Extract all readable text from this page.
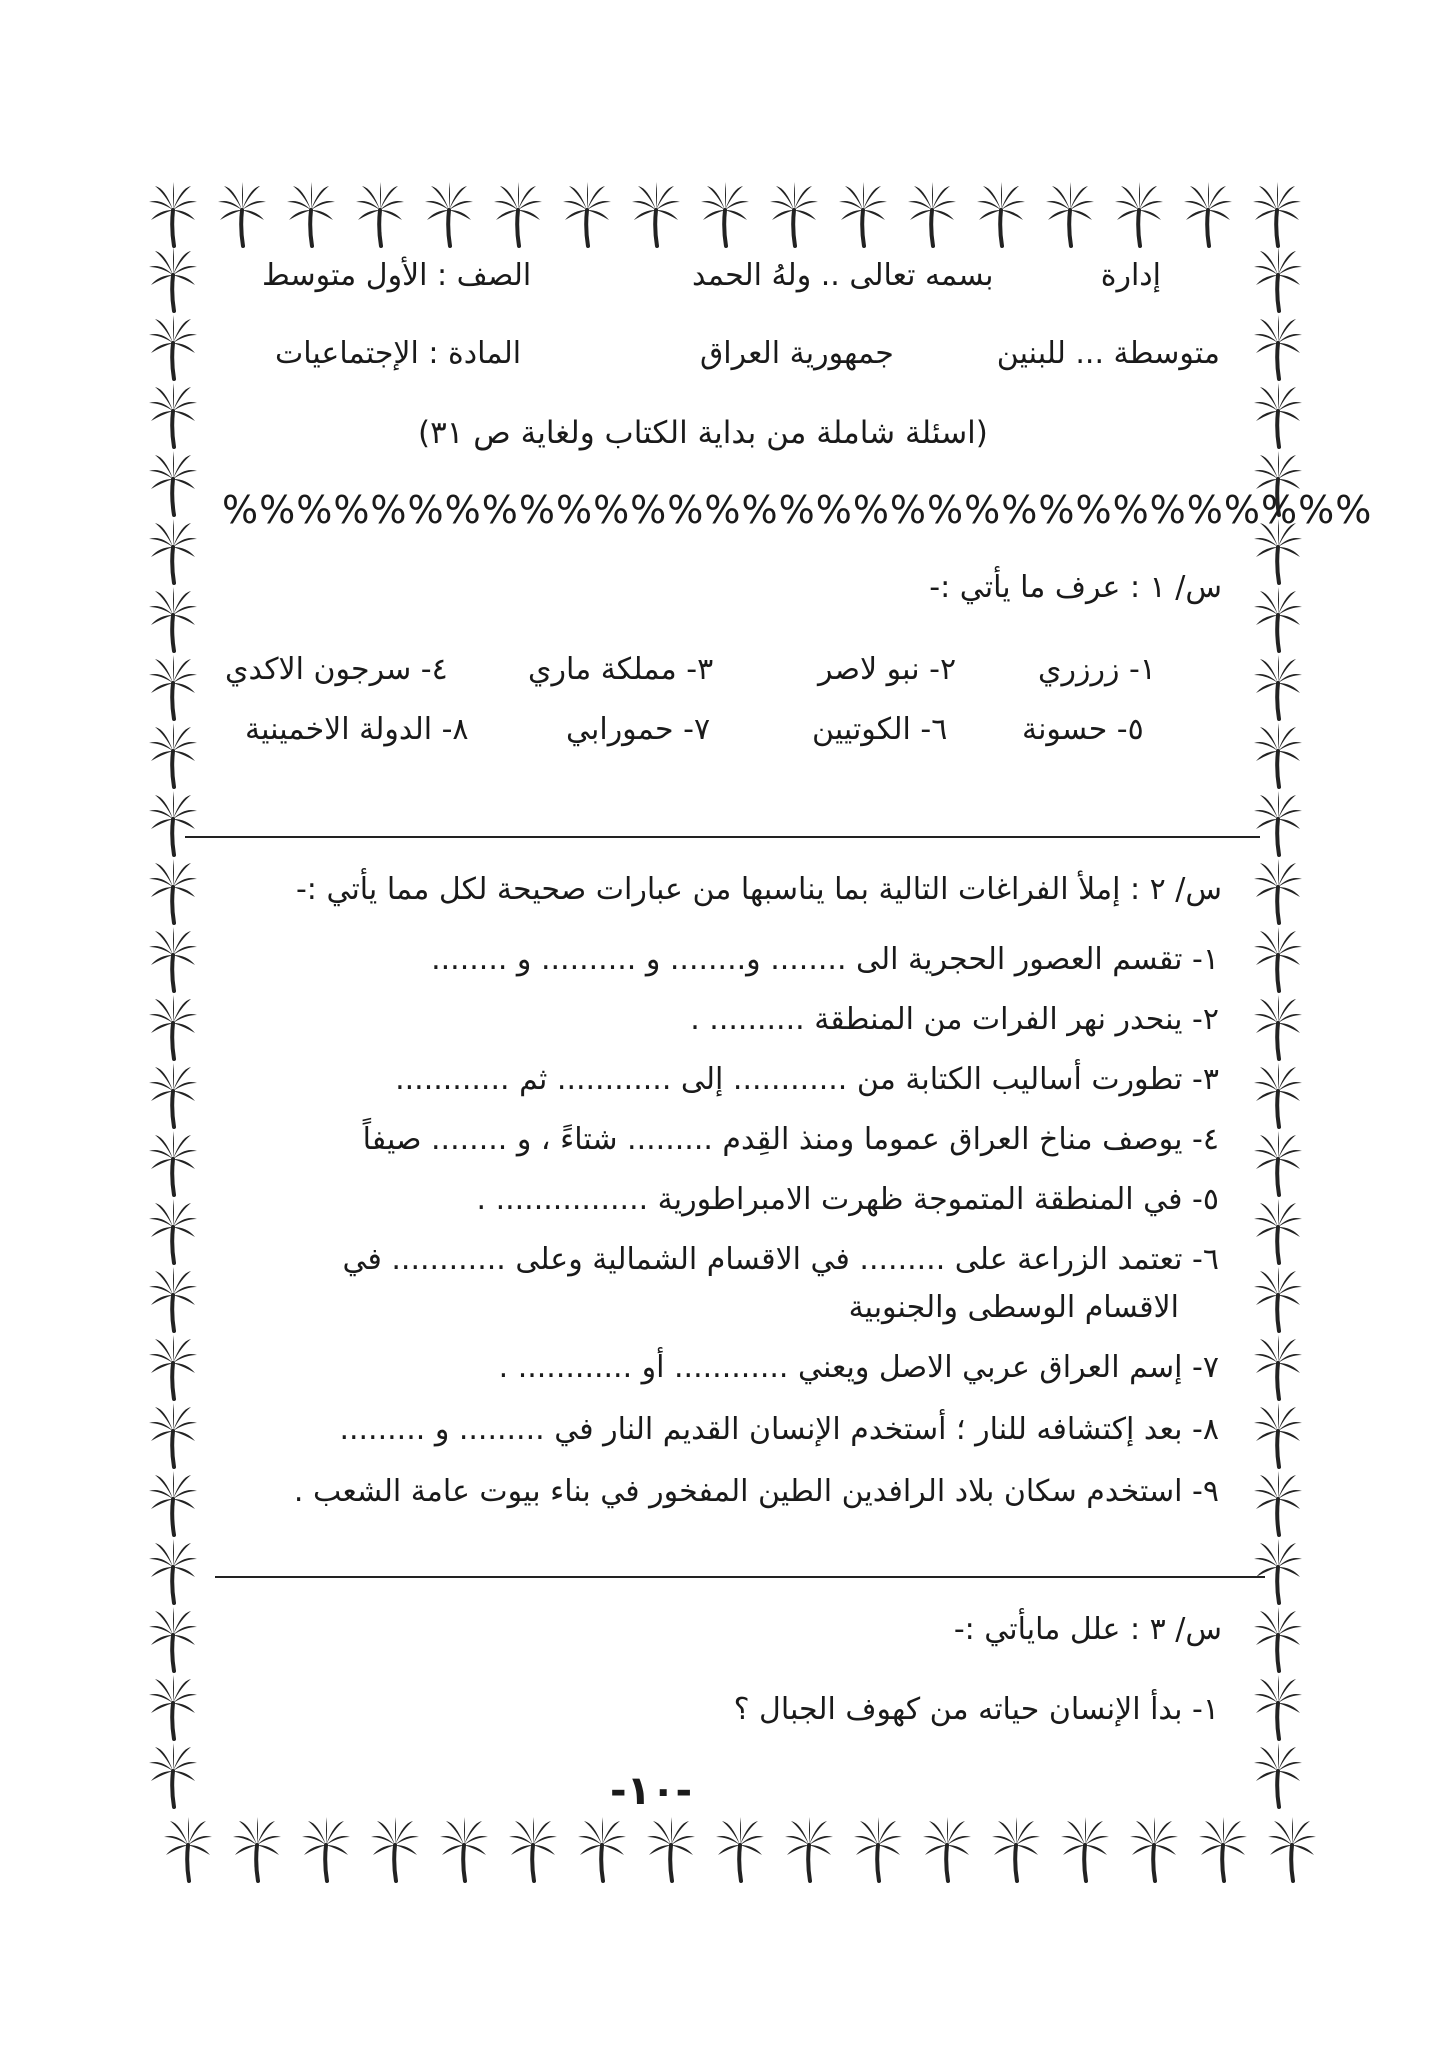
إدارة
بسمه تعالى .. ولهُ الحمد
الصف : الأول متوسط
متوسطة ... للبنين
جمهورية العراق
المادة : الإجتماعيات
(اسئلة شاملة من بداية الكتاب ولغاية ص ٣١)
%%%%%%%%%%%%%%%%%%%%%%%%%%%%%%%
س/ ١ : عرف ما يأتي :-
١- زرزري
٢- نبو لاصر
٣- مملكة ماري
٤- سرجون الاكدي
٥- حسونة
٦- الكوتيين
٧- حمورابي
٨- الدولة الاخمينية
س/ ٢ : إملأ الفراغات التالية بما يناسبها من عبارات صحيحة لكل مما يأتي :-
١- تقسم العصور الحجرية الى ........ و........ و .......... و ........
٢- ينحدر نهر الفرات من المنطقة .......... .
٣- تطورت أساليب الكتابة من ............ إلى ............ ثم ............
٤- يوصف مناخ العراق عموما ومنذ القِدم ......... شتاءً ، و ........ صيفاً
٥- في المنطقة المتموجة ظهرت الامبراطورية ................ .
٦- تعتمد الزراعة على ......... في الاقسام الشمالية وعلى ............ في
الاقسام الوسطى والجنوبية
٧- إسم العراق عربي الاصل ويعني ............ أو ............ .
٨- بعد إكتشافه للنار ؛ أستخدم الإنسان القديم النار في ......... و .........
٩- استخدم سكان بلاد الرافدين الطين المفخور في بناء بيوت عامة الشعب .
س/ ٣ : علل مايأتي :-
١- بدأ الإنسان حياته من كهوف الجبال ؟
-١٠-
